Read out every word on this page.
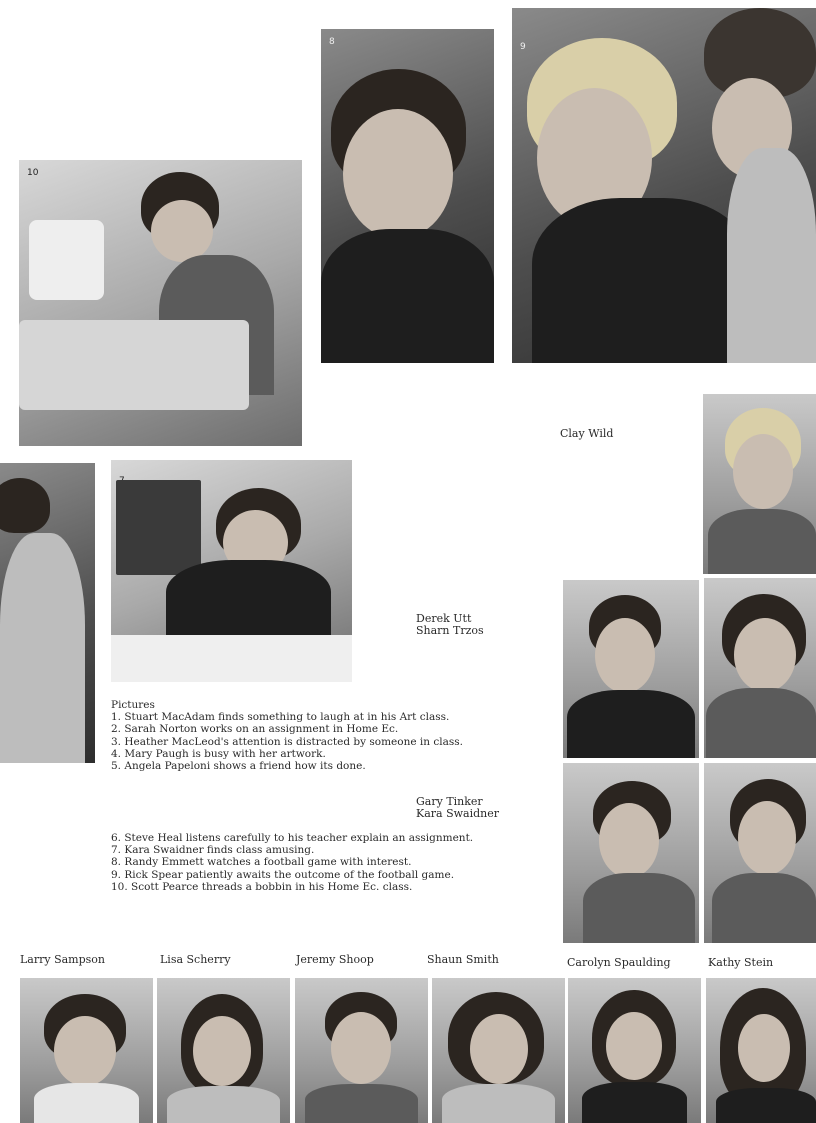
8	9
10
Clay Wild
Derek Utt
Sharn Trzos
Gary Tinker
Kara Swaidner
Pictures
1. Stuart MacAdam finds something to laugh at in his Art class.
2. Sarah Norton works on an assignment in Home Ec.
3. Heather MacLeod's attention is distracted by someone in class.
4. Mary Paugh is busy with her artwork.
5. Angela Papeloni shows a friend how its done.
6. Steve Heal listens carefully to his teacher explain an assignment.
7. Kara Swaidner finds class amusing.
8. Randy Emmett watches a football game with interest.
9. Rick Spear patiently awaits the outcome of the football game.
10. Scott Pearce threads a bobbin in his Home Ec. class.
Larry Sampson	Lisa Scherry	Jeremy Shoop	Shaun Smith	Carolyn Spaulding	Kathy Stein
